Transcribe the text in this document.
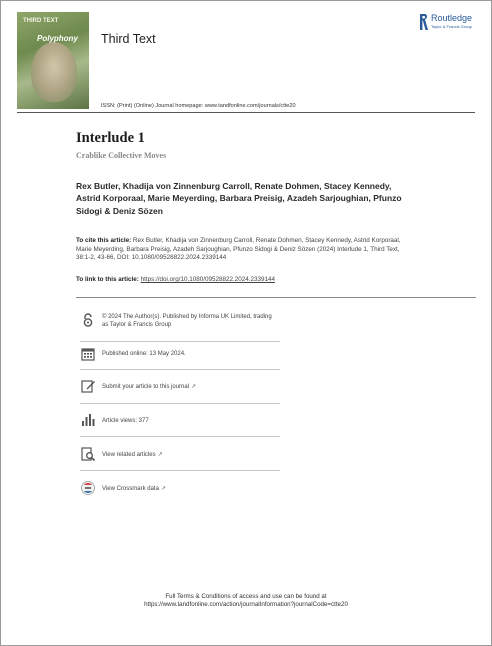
THIRD TEXT
Polyphony Third Text
Routledge
Taylor & Francis Group
ISSN: (Print) (Online) Journal homepage: www.tandfonline.com/journals/ctte20
Interlude 1
Crablike Collective Moves
Rex Butler, Khadija von Zinnenburg Carroll, Renate Dohmen, Stacey Kennedy, Astrid Korporaal, Marie Meyerding, Barbara Preisig, Azadeh Sarjoughian, Pfunzo Sidogi & Deniz Sözen
To cite this article: Rex Butler, Khadija von Zinnenburg Carroll, Renate Dohmen, Stacey Kennedy, Astrid Korporaal, Marie Meyerding, Barbara Preisig, Azadeh Sarjoughian, Pfunzo Sidogi & Deniz Sözen (2024) Interlude 1, Third Text, 38:1-2, 43-66, DOI: 10.1080/09528822.2024.2339144
To link to this article: https://doi.org/10.1080/09528822.2024.2339144
© 2024 The Author(s). Published by Informa UK Limited, trading as Taylor & Francis Group
Published online: 13 May 2024.
Submit your article to this journal ↗
Article views: 377
View related articles ↗
View Crossmark data ↗
Full Terms & Conditions of access and use can be found at
https://www.tandfonline.com/action/journalInformation?journalCode=ctte20
